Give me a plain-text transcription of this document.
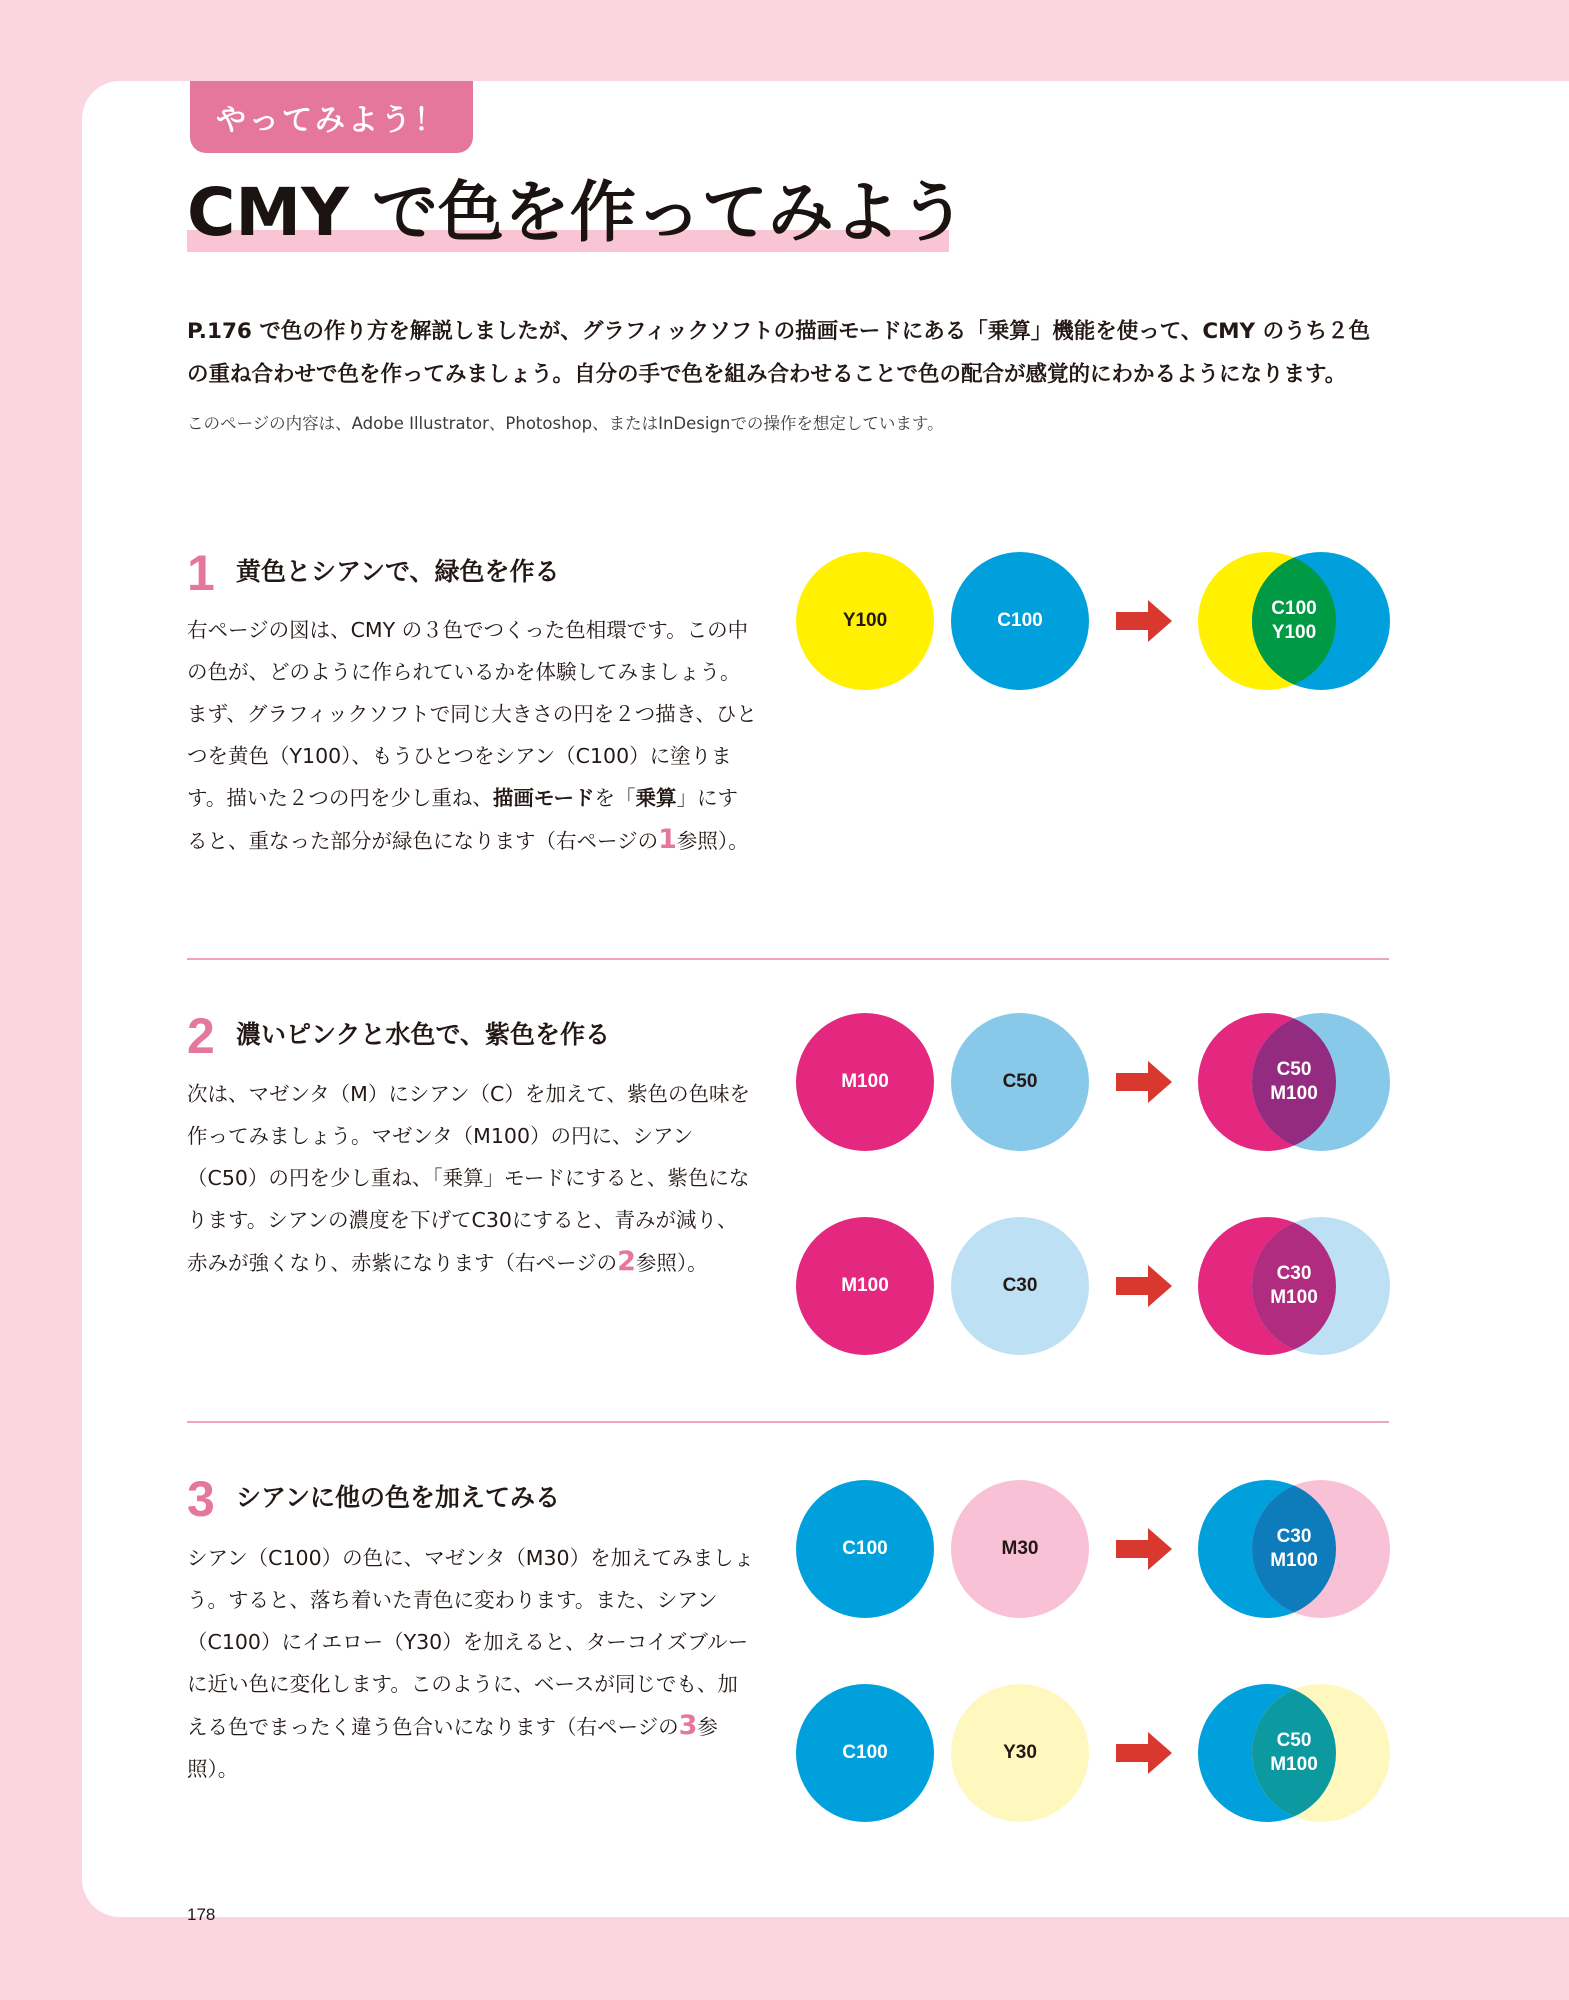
やってみよう！
CMY で色を作ってみよう
P.176 で色の作り方を解説しましたが、グラフィックソフトの描画モードにある「乗算」機能を使って、CMY のうち２色
の重ね合わせで色を作ってみましょう。自分の手で色を組み合わせることで色の配合が感覚的にわかるようになります。
このページの内容は、Adobe Illustrator、Photoshop、またはInDesignでの操作を想定しています。
1 黄色とシアンで、緑色を作る
右ページの図は、CMY の３色でつくった色相環です。この中の色が、どのように作られているかを体験してみましょう。まず、グラフィックソフトで同じ大きさの円を２つ描き、ひとつを黄色（Y100）、もうひとつをシアン（C100）に塗ります。描いた２つの円を少し重ね、描画モードを「乗算」にすると、重なった部分が緑色になります（右ページの1参照）。
2 濃いピンクと水色で、紫色を作る
次は、マゼンタ（M）にシアン（C）を加えて、紫色の色味を作ってみましょう。マゼンタ（M100）の円に、シアン（C50）の円を少し重ね、「乗算」モードにすると、紫色になります。シアンの濃度を下げてC30にすると、青みが減り、赤みが強くなり、赤紫になります（右ページの2参照）。
3 シアンに他の色を加えてみる
シアン（C100）の色に、マゼンタ（M30）を加えてみましょう。すると、落ち着いた青色に変わります。また、シアン（C100）にイエロー（Y30）を加えると、ターコイズブルーに近い色に変化します。このように、ベースが同じでも、加える色でまったく違う色合いになります（右ページの3参照）。
178
Y100	C100
C100
Y100
M100	C50
C50
M100
M100	C30
C30
M100
C100	M30
C30
M100
C100	Y30
C50
M100
